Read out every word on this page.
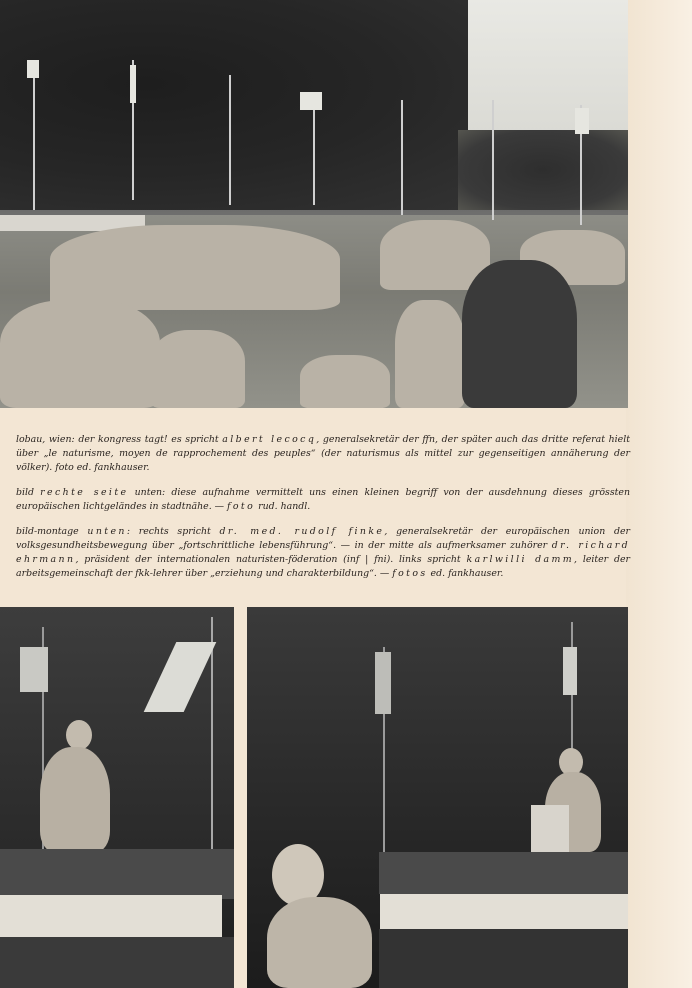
lobau, wien: der kongress tagt! es spricht albert lecocq, generalsekretär der ffn, der später auch das dritte referat hielt über „le naturisme, moyen de rapprochement des peuples“ (der naturismus als mittel zur gegenseitigen annäherung der völker). foto ed. fankhauser.

bild rechte seite unten: diese aufnahme vermittelt uns einen kleinen begriff von der ausdehnung dieses grössten europäischen lichtgeländes in stadtnähe. — foto rud. handl.

bild-montage unten: rechts spricht dr. med. rudolf finke, generalsekretär der europäischen union der volksgesundheitsbewegung über „fortschrittliche lebensführung“. — in der mitte als aufmerksamer zuhörer dr. richard ehrmann, präsident der internationalen naturisten-föderation (inf | fni). links spricht karlwilli damm, leiter der arbeitsgemeinschaft der fkk-lehrer über „erziehung und charakterbildung“. — fotos ed. fankhauser.
